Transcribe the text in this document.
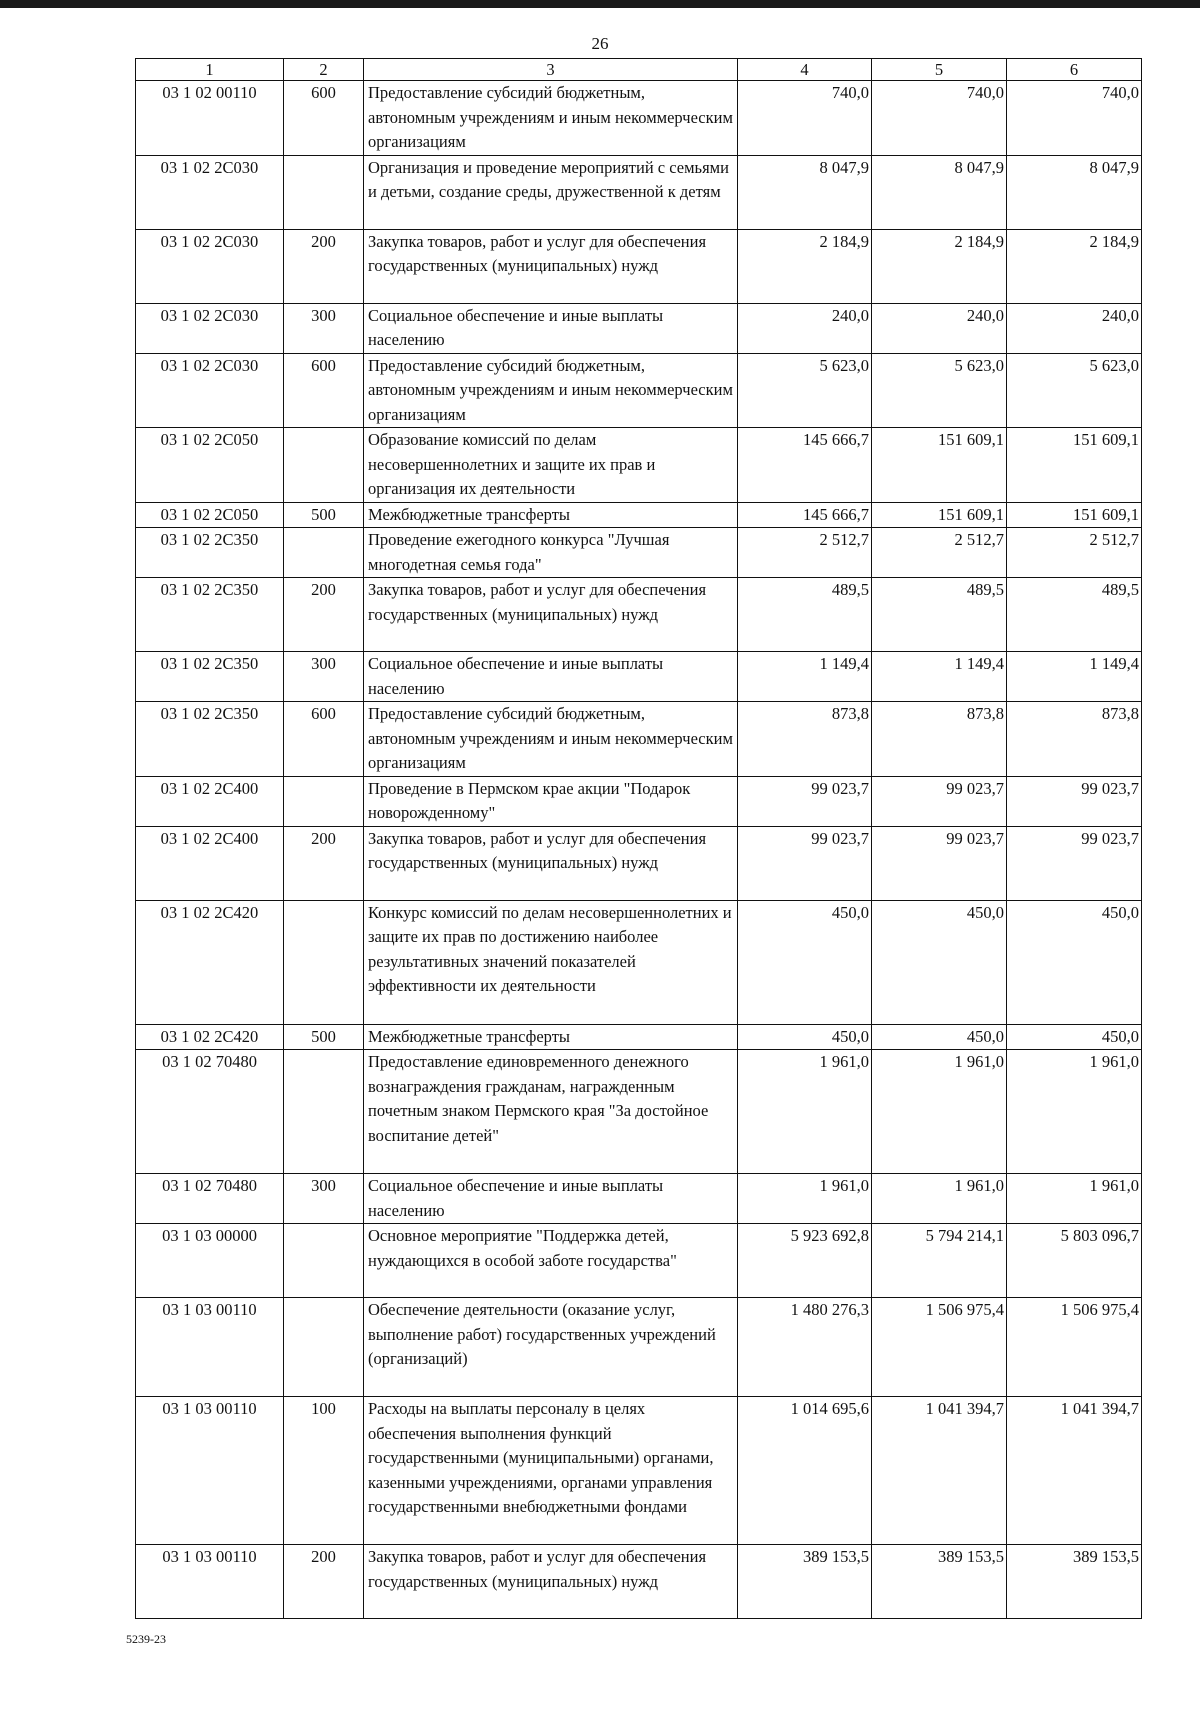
26
1	2	3	4	5	6
03 1 02 00110	600	Предоставление субсидий бюджетным, автономным учреждениям и иным некоммерческим организациям	740,0	740,0	740,0
03 1 02 2С030		Организация и проведение мероприятий с семьями и детьми, создание среды, дружественной к детям	8 047,9	8 047,9	8 047,9
03 1 02 2С030	200	Закупка товаров, работ и услуг для обеспечения государственных (муниципальных) нужд	2 184,9	2 184,9	2 184,9
03 1 02 2С030	300	Социальное обеспечение и иные выплаты населению	240,0	240,0	240,0
03 1 02 2С030	600	Предоставление субсидий бюджетным, автономным учреждениям и иным некоммерческим организациям	5 623,0	5 623,0	5 623,0
03 1 02 2С050		Образование комиссий по делам несовершеннолетних и защите их прав и организация их деятельности	145 666,7	151 609,1	151 609,1
03 1 02 2С050	500	Межбюджетные трансферты	145 666,7	151 609,1	151 609,1
03 1 02 2С350		Проведение ежегодного конкурса "Лучшая многодетная семья года"	2 512,7	2 512,7	2 512,7
03 1 02 2С350	200	Закупка товаров, работ и услуг для обеспечения государственных (муниципальных) нужд	489,5	489,5	489,5
03 1 02 2С350	300	Социальное обеспечение и иные выплаты населению	1 149,4	1 149,4	1 149,4
03 1 02 2С350	600	Предоставление субсидий бюджетным, автономным учреждениям и иным некоммерческим организациям	873,8	873,8	873,8
03 1 02 2С400		Проведение в Пермском крае акции "Подарок новорожденному"	99 023,7	99 023,7	99 023,7
03 1 02 2С400	200	Закупка товаров, работ и услуг для обеспечения государственных (муниципальных) нужд	99 023,7	99 023,7	99 023,7
03 1 02 2С420		Конкурс комиссий по делам несовершеннолетних и защите их прав по достижению наиболее результативных значений показателей эффективности их деятельности	450,0	450,0	450,0
03 1 02 2С420	500	Межбюджетные трансферты	450,0	450,0	450,0
03 1 02 70480		Предоставление единовременного денежного вознаграждения гражданам, награжденным почетным знаком Пермского края "За достойное воспитание детей"	1 961,0	1 961,0	1 961,0
03 1 02 70480	300	Социальное обеспечение и иные выплаты населению	1 961,0	1 961,0	1 961,0
03 1 03 00000		Основное мероприятие "Поддержка детей, нуждающихся в особой заботе государства"	5 923 692,8	5 794 214,1	5 803 096,7
03 1 03 00110		Обеспечение деятельности (оказание услуг, выполнение работ) государственных учреждений (организаций)	1 480 276,3	1 506 975,4	1 506 975,4
03 1 03 00110	100	Расходы на выплаты персоналу в целях обеспечения выполнения функций государственными (муниципальными) органами, казенными учреждениями, органами управления государственными внебюджетными фондами	1 014 695,6	1 041 394,7	1 041 394,7
03 1 03 00110	200	Закупка товаров, работ и услуг для обеспечения государственных (муниципальных) нужд	389 153,5	389 153,5	389 153,5
5239-23
